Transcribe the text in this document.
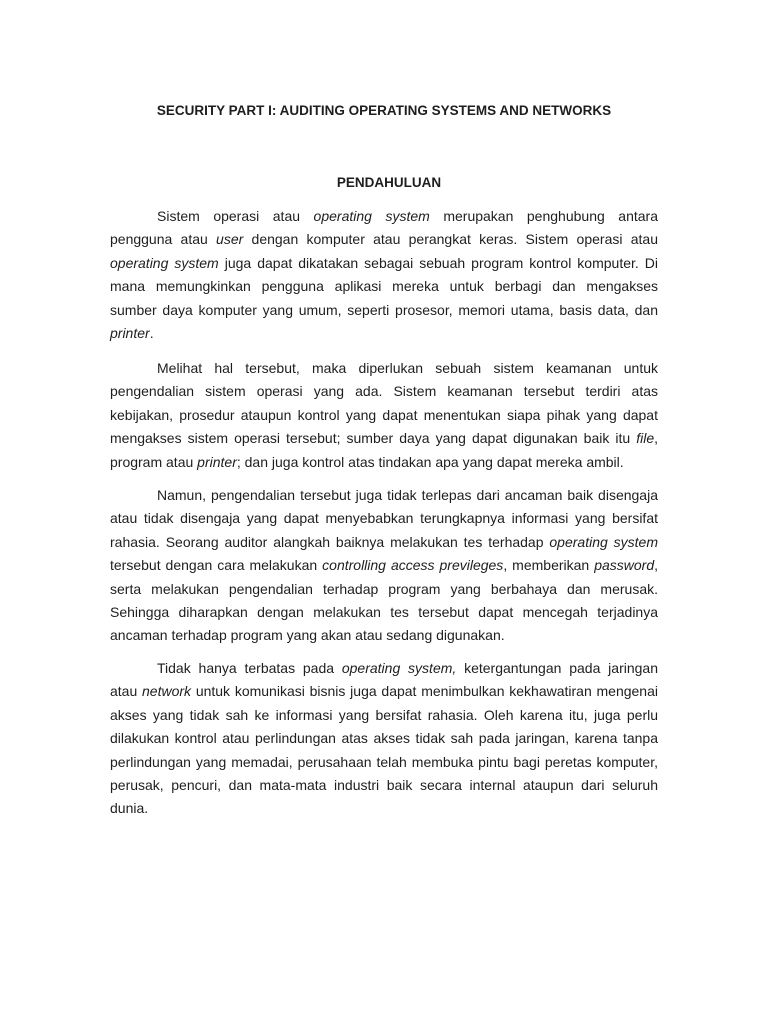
SECURITY PART I: AUDITING OPERATING SYSTEMS AND NETWORKS
PENDAHULUAN
Sistem operasi atau operating system merupakan penghubung antara
pengguna atau user dengan komputer atau perangkat keras. Sistem operasi atau
operating system juga dapat dikatakan sebagai sebuah program kontrol komputer. Di
mana memungkinkan pengguna aplikasi mereka untuk berbagi dan mengakses
sumber daya komputer yang umum, seperti prosesor, memori utama, basis data, dan
printer.
Melihat hal tersebut, maka diperlukan sebuah sistem keamanan untuk
pengendalian sistem operasi yang ada. Sistem keamanan tersebut terdiri atas
kebijakan, prosedur ataupun kontrol yang dapat menentukan siapa pihak yang dapat
mengakses sistem operasi tersebut; sumber daya yang dapat digunakan baik itu file,
program atau printer; dan juga kontrol atas tindakan apa yang dapat mereka ambil.
Namun, pengendalian tersebut juga tidak terlepas dari ancaman baik disengaja
atau tidak disengaja yang dapat menyebabkan terungkapnya informasi yang bersifat
rahasia. Seorang auditor alangkah baiknya melakukan tes terhadap operating system
tersebut dengan cara melakukan controlling access previleges, memberikan password,
serta melakukan pengendalian terhadap program yang berbahaya dan merusak.
Sehingga diharapkan dengan melakukan tes tersebut dapat mencegah terjadinya
ancaman terhadap program yang akan atau sedang digunakan.
Tidak hanya terbatas pada operating system, ketergantungan pada jaringan
atau network untuk komunikasi bisnis juga dapat menimbulkan kekhawatiran mengenai
akses yang tidak sah ke informasi yang bersifat rahasia. Oleh karena itu, juga perlu
dilakukan kontrol atau perlindungan atas akses tidak sah pada jaringan, karena tanpa
perlindungan yang memadai, perusahaan telah membuka pintu bagi peretas komputer,
perusak, pencuri, dan mata-mata industri baik secara internal ataupun dari seluruh
dunia.
